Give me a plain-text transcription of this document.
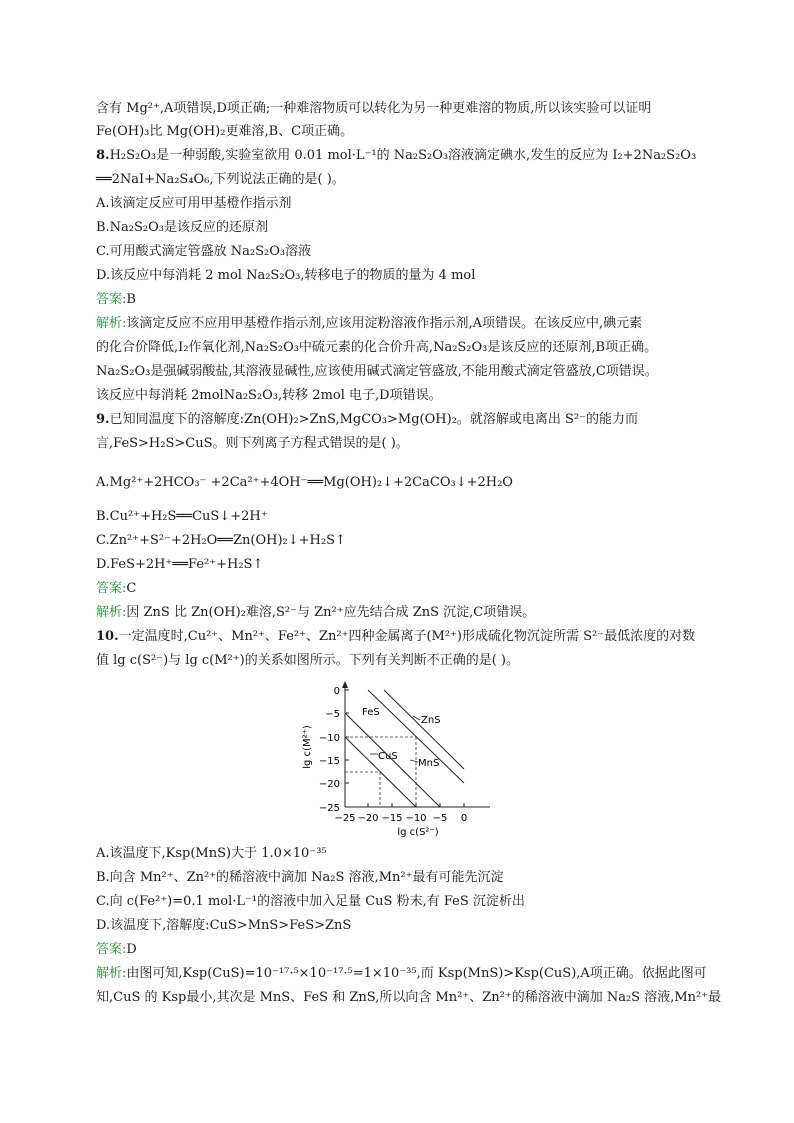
含有 Mg²⁺,A项错误,D项正确;一种难溶物质可以转化为另一种更难溶的物质,所以该实验可以证明
Fe(OH)₃比 Mg(OH)₂更难溶,B、C项正确。
8.H₂S₂O₃是一种弱酸,实验室欲用 0.01 mol·L⁻¹的 Na₂S₂O₃溶液滴定碘水,发生的反应为 I₂+2Na₂S₂O₃
══2NaI+Na₂S₄O₆,下列说法正确的是( )。
A.该滴定反应可用甲基橙作指示剂
B.Na₂S₂O₃是该反应的还原剂
C.可用酸式滴定管盛放 Na₂S₂O₃溶液
D.该反应中每消耗 2 mol Na₂S₂O₃,转移电子的物质的量为 4 mol
答案:B
解析:该滴定反应不应用甲基橙作指示剂,应该用淀粉溶液作指示剂,A项错误。在该反应中,碘元素
的化合价降低,I₂作氧化剂,Na₂S₂O₃中硫元素的化合价升高,Na₂S₂O₃是该反应的还原剂,B项正确。
Na₂S₂O₃是强碱弱酸盐,其溶液显碱性,应该使用碱式滴定管盛放,不能用酸式滴定管盛放,C项错误。
该反应中每消耗 2molNa₂S₂O₃,转移 2mol 电子,D项错误。
9.已知同温度下的溶解度:Zn(OH)₂>ZnS,MgCO₃>Mg(OH)₂。就溶解或电离出 S²⁻的能力而
言,FeS>H₂S>CuS。则下列离子方程式错误的是( )。
A.Mg²⁺+2HCO₃⁻ +2Ca²⁺+4OH⁻══Mg(OH)₂↓+2CaCO₃↓+2H₂O
B.Cu²⁺+H₂S══CuS↓+2H⁺
C.Zn²⁺+S²⁻+2H₂O══Zn(OH)₂↓+H₂S↑
D.FeS+2H⁺══Fe²⁺+H₂S↑
答案:C
解析:因 ZnS 比 Zn(OH)₂难溶,S²⁻与 Zn²⁺应先结合成 ZnS 沉淀,C项错误。
10.一定温度时,Cu²⁺、Mn²⁺、Fe²⁺、Zn²⁺四种金属离子(M²⁺)形成硫化物沉淀所需 S²⁻最低浓度的对数
值 lg c(S²⁻)与 lg c(M²⁺)的关系如图所示。下列有关判断不正确的是( )。
0
−5
−10
−15
−20
−25
−25 −20 −15 −10 −5 0
lg c(S²⁻)
lg c(M²⁺)
FeS
ZnS
CuS
MnS
A.该温度下,Ksp(MnS)大于 1.0×10⁻³⁵
B.向含 Mn²⁺、Zn²⁺的稀溶液中滴加 Na₂S 溶液,Mn²⁺最有可能先沉淀
C.向 c(Fe²⁺)=0.1 mol·L⁻¹的溶液中加入足量 CuS 粉末,有 FeS 沉淀析出
D.该温度下,溶解度:CuS>MnS>FeS>ZnS
答案:D
解析:由图可知,Ksp(CuS)=10⁻¹⁷·⁵×10⁻¹⁷·⁵=1×10⁻³⁵,而 Ksp(MnS)>Ksp(CuS),A项正确。依据此图可
知,CuS 的 Ksp最小,其次是 MnS、FeS 和 ZnS,所以向含 Mn²⁺、Zn²⁺的稀溶液中滴加 Na₂S 溶液,Mn²⁺最
